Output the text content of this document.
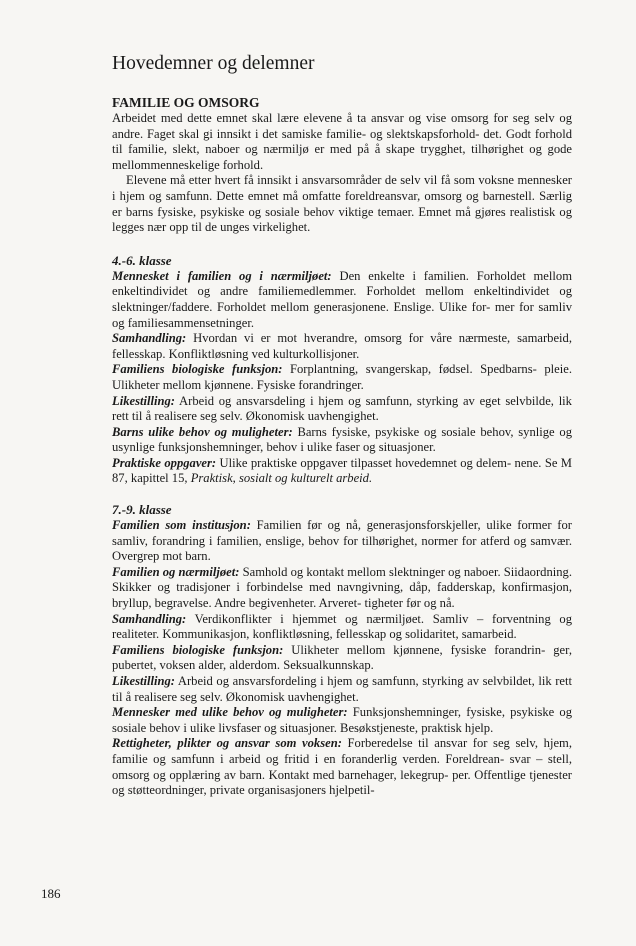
Hovedemner og delemner
FAMILIE OG OMSORG

Arbeidet med dette emnet skal lære elevene å ta ansvar og vise omsorg for seg selv og andre. Faget skal gi innsikt i det samiske familie- og slektskapsforhold- det. Godt forhold til familie, slekt, naboer og nærmiljø er med på å skape trygghet, tilhørighet og gode mellommenneskelige forhold.

Elevene må etter hvert få innsikt i ansvarsområder de selv vil få som voksne mennesker i hjem og samfunn. Dette emnet må omfatte foreldreansvar, omsorg og barnestell. Særlig er barns fysiske, psykiske og sosiale behov viktige temaer. Emnet må gjøres realistisk og legges nær opp til de unges virkelighet.

4.-6. klasse

Mennesket i familien og i nærmiljøet: Den enkelte i familien. Forholdet mellom enkeltindividet og andre familiemedlemmer. Forholdet mellom enkeltindividet og slektninger/faddere. Forholdet mellom generasjonene. Enslige. Ulike for- mer for samliv og familiesammensetninger.

Samhandling: Hvordan vi er mot hverandre, omsorg for våre nærmeste, samarbeid, fellesskap. Konfliktløsning ved kulturkollisjoner.

Familiens biologiske funksjon: Forplantning, svangerskap, fødsel. Spedbarns- pleie. Ulikheter mellom kjønnene. Fysiske forandringer.

Likestilling: Arbeid og ansvarsdeling i hjem og samfunn, styrking av eget selvbilde, lik rett til å realisere seg selv. Økonomisk uavhengighet.

Barns ulike behov og muligheter: Barns fysiske, psykiske og sosiale behov, synlige og usynlige funksjonshemninger, behov i ulike faser og situasjoner.

Praktiske oppgaver: Ulike praktiske oppgaver tilpasset hovedemnet og delem- nene. Se M 87, kapittel 15, Praktisk, sosialt og kulturelt arbeid.

7.-9. klasse

Familien som institusjon: Familien før og nå, generasjonsforskjeller, ulike former for samliv, forandring i familien, enslige, behov for tilhørighet, normer for atferd og samvær. Overgrep mot barn.

Familien og nærmiljøet: Samhold og kontakt mellom slektninger og naboer. Siidaordning. Skikker og tradisjoner i forbindelse med navngivning, dåp, fadderskap, konfirmasjon, bryllup, begravelse. Andre begivenheter. Arveret- tigheter før og nå.

Samhandling: Verdikonflikter i hjemmet og nærmiljøet. Samliv – forventning og realiteter. Kommunikasjon, konfliktløsning, fellesskap og solidaritet, samarbeid.

Familiens biologiske funksjon: Ulikheter mellom kjønnene, fysiske forandrin- ger, pubertet, voksen alder, alderdom. Seksualkunnskap.

Likestilling: Arbeid og ansvarsfordeling i hjem og samfunn, styrking av selvbildet, lik rett til å realisere seg selv. Økonomisk uavhengighet.

Mennesker med ulike behov og muligheter: Funksjonshemninger, fysiske, psykiske og sosiale behov i ulike livsfaser og situasjoner. Besøkstjeneste, praktisk hjelp.

Rettigheter, plikter og ansvar som voksen: Forberedelse til ansvar for seg selv, hjem, familie og samfunn i arbeid og fritid i en foranderlig verden. Foreldrean- svar – stell, omsorg og opplæring av barn. Kontakt med barnehager, lekegrup- per. Offentlige tjenester og støtteordninger, private organisasjoners hjelpetil-

186
